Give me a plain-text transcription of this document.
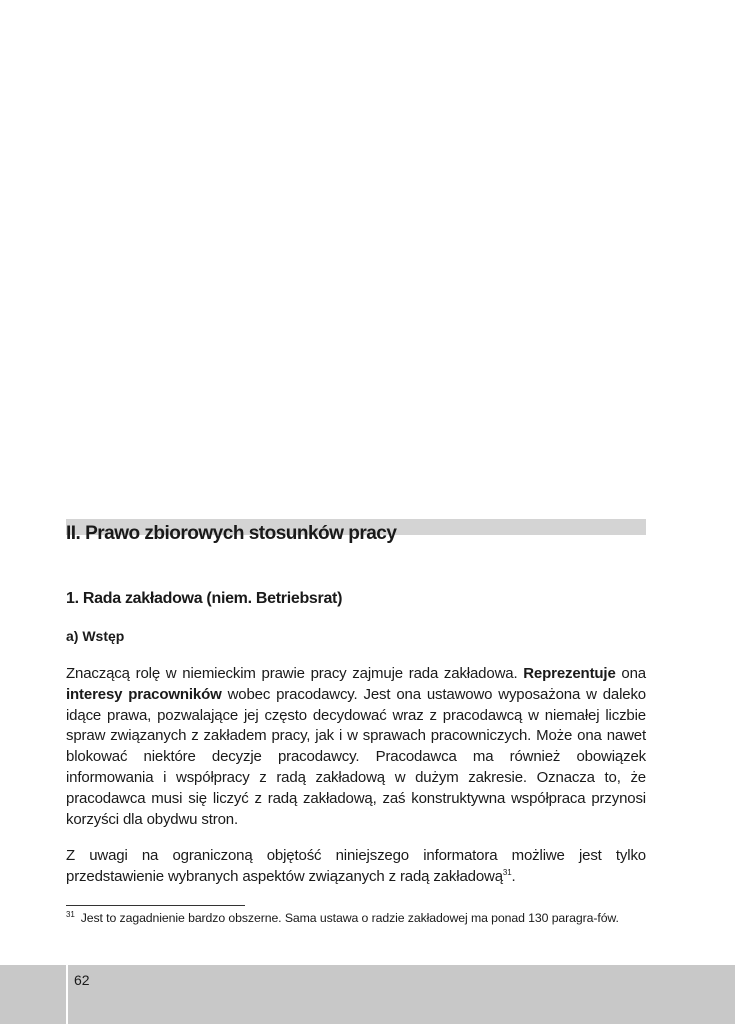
II. Prawo zbiorowych stosunków pracy
1. Rada zakładowa (niem. Betriebsrat)
a) Wstęp

Znaczącą rolę w niemieckim prawie pracy zajmuje rada zakładowa. Reprezentuje ona interesy pracowników wobec pracodawcy. Jest ona ustawowo wyposażona w daleko idące prawa, pozwalające jej często decydować wraz z pracodawcą w niemałej liczbie spraw związanych z zakładem pracy, jak i w sprawach pracowniczych. Może ona nawet blokować niektóre decyzje pracodawcy. Pracodawca ma również obowiązek informowania i współpracy z radą zakładową w dużym zakresie. Oznacza to, że pracodawca musi się liczyć z radą zakładową, zaś konstruktywna współpraca przynosi korzyści dla obydwu stron.

Z uwagi na ograniczoną objętość niniejszego informatora możliwe jest tylko przedstawienie wybranych aspektów związanych z radą zakładową$^{31}$.

$^{31}$ Jest to zagadnienie bardzo obszerne. Sama ustawa o radzie zakładowej ma ponad 130 paragra-fów.

62
